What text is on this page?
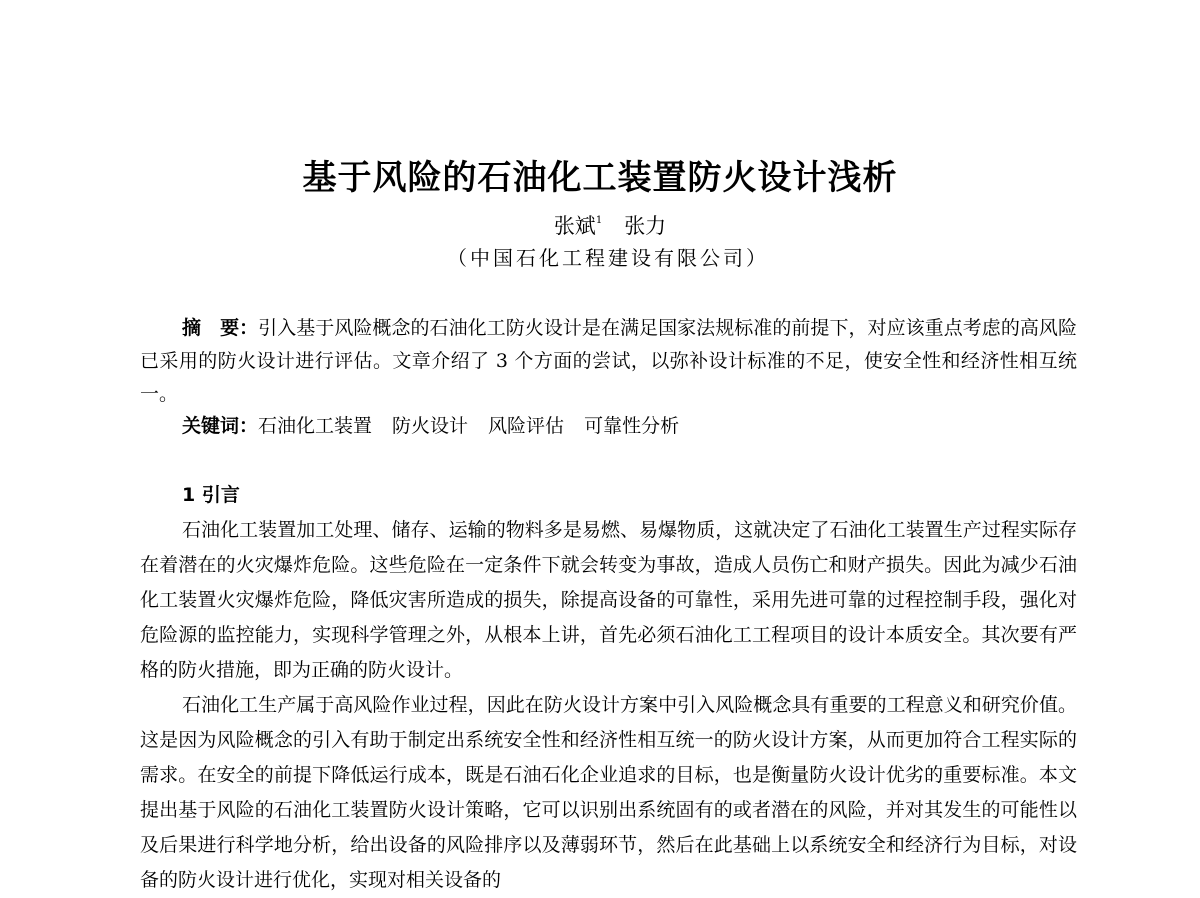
基于风险的石油化工装置防火设计浅析
张斌$^1$ 张力
（中国石化工程建设有限公司）
摘　要：引入基于风险概念的石油化工防火设计是在满足国家法规标准的前提下，对应该重点考虑的高风险已采用的防火设计进行评估。文章介绍了 3 个方面的尝试，以弥补设计标准的不足，使安全性和经济性相互统一。
关键词：石油化工装置 防火设计 风险评估 可靠性分析
1 引言

石油化工装置加工处理、储存、运输的物料多是易燃、易爆物质，这就决定了石油化工装置生产过程实际存在着潜在的火灾爆炸危险。这些危险在一定条件下就会转变为事故，造成人员伤亡和财产损失。因此为减少石油化工装置火灾爆炸危险，降低灾害所造成的损失，除提高设备的可靠性，采用先进可靠的过程控制手段，强化对危险源的监控能力，实现科学管理之外，从根本上讲，首先必须石油化工工程项目的设计本质安全。其次要有严格的防火措施，即为正确的防火设计。

石油化工生产属于高风险作业过程，因此在防火设计方案中引入风险概念具有重要的工程意义和研究价值。这是因为风险概念的引入有助于制定出系统安全性和经济性相互统一的防火设计方案，从而更加符合工程实际的需求。在安全的前提下降低运行成本，既是石油石化企业追求的目标，也是衡量防火设计优劣的重要标准。本文提出基于风险的石油化工装置防火设计策略，它可以识别出系统固有的或者潜在的风险，并对其发生的可能性以及后果进行科学地分析，给出设备的风险排序以及薄弱环节，然后在此基础上以系统安全和经济行为目标，对设备的防火设计进行优化，实现对相关设备的
